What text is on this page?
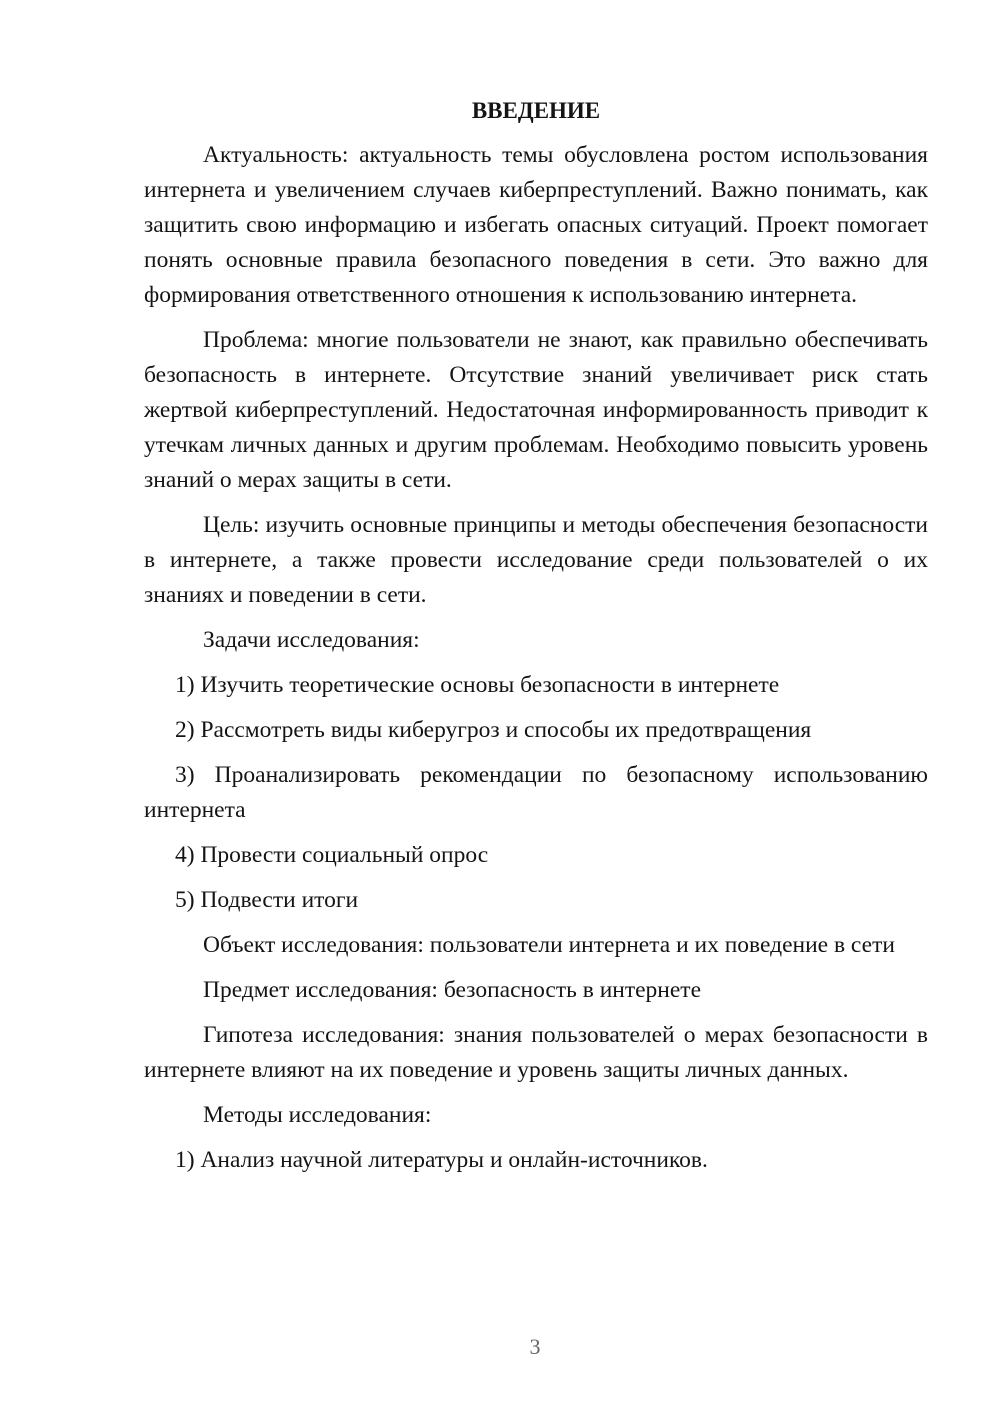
ВВЕДЕНИЕ

Актуальность: актуальность темы обусловлена ростом использования интернета и увеличением случаев киберпреступлений. Важно понимать, как защитить свою информацию и избегать опасных ситуаций. Проект помогает понять основные правила безопасного поведения в сети. Это важно для формирования ответственного отношения к использованию интернета.

Проблема: многие пользователи не знают, как правильно обеспечивать безопасность в интернете. Отсутствие знаний увеличивает риск стать жертвой киберпреступлений. Недостаточная информированность приводит к утечкам личных данных и другим проблемам. Необходимо повысить уровень знаний о мерах защиты в сети.

Цель: изучить основные принципы и методы обеспечения безопасности в интернете, а также провести исследование среди пользователей о их знаниях и поведении в сети.

Задачи исследования:

1) Изучить теоретические основы безопасности в интернете

2) Рассмотреть виды киберугроз и способы их предотвращения

3) Проанализировать рекомендации по безопасному использованию интернета

4) Провести социальный опрос

5) Подвести итоги

Объект исследования: пользователи интернета и их поведение в сети

Предмет исследования: безопасность в интернете

Гипотеза исследования: знания пользователей о мерах безопасности в интернете влияют на их поведение и уровень защиты личных данных.

Методы исследования:

1) Анализ научной литературы и онлайн-источников.

3
